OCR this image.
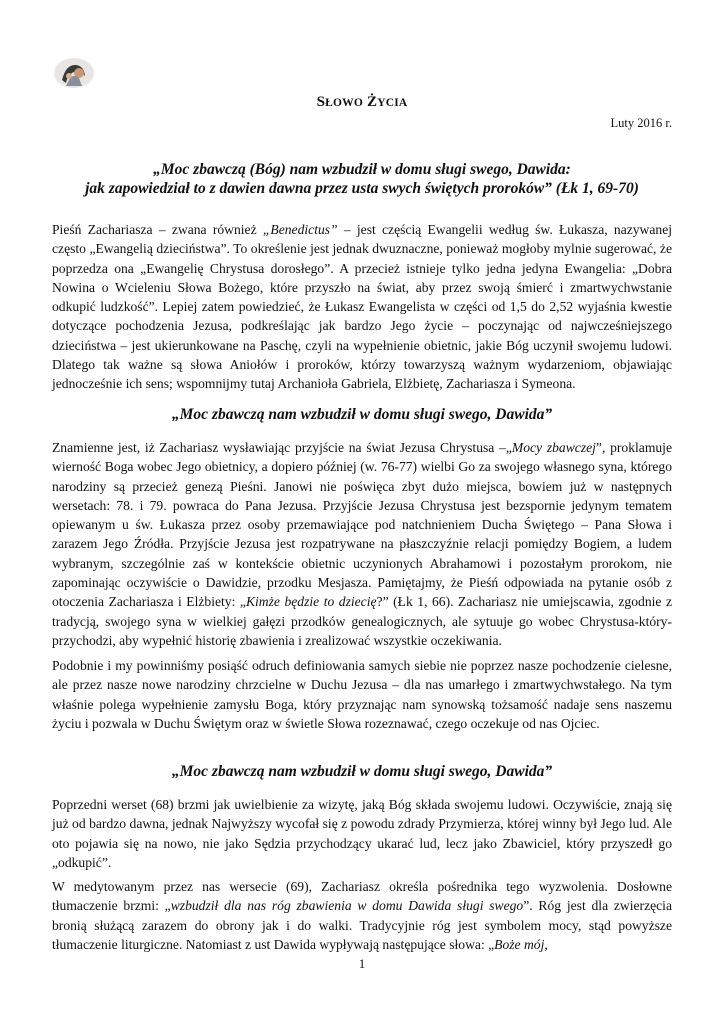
SŁOWO ŻYCIA
Luty 2016 r.
„Moc zbawczą (Bóg) nam wzbudził w domu sługi swego, Dawida:
jak zapowiedział to z dawien dawna przez usta swych świętych proroków” (Łk 1, 69-70)

Pieśń Zachariasza – zwana również „Benedictus” – jest częścią Ewangelii według św. Łukasza, nazywanej często „Ewangelią dzieciństwa”. To określenie jest jednak dwuznaczne, ponieważ mogłoby mylnie sugerować, że poprzedza ona „Ewangelię Chrystusa dorosłego”. A przecież istnieje tylko jedna jedyna Ewangelia: „Dobra Nowina o Wcieleniu Słowa Bożego, które przyszło na świat, aby przez swoją śmierć i zmartwychwstanie odkupić ludzkość”. Lepiej zatem powiedzieć, że Łukasz Ewangelista w części od 1,5 do 2,52 wyjaśnia kwestie dotyczące pochodzenia Jezusa, podkreślając jak bardzo Jego życie – poczynając od najwcześniejszego dzieciństwa – jest ukierunkowane na Paschę, czyli na wypełnienie obietnic, jakie Bóg uczynił swojemu ludowi. Dlatego tak ważne są słowa Aniołów i proroków, którzy towarzyszą ważnym wydarzeniom, objawiając jednocześnie ich sens; wspomnijmy tutaj Archanioła Gabriela, Elżbietę, Zachariasza i Symeona.

„Moc zbawczą nam wzbudził w domu sługi swego, Dawida”

Znamienne jest, iż Zachariasz wysławiając przyjście na świat Jezusa Chrystusa –„Mocy zbawczej”, proklamuje wierność Boga wobec Jego obietnicy, a dopiero później (w. 76-77) wielbi Go za swojego własnego syna, którego narodziny są przecież genezą Pieśni. Janowi nie poświęca zbyt dużo miejsca, bowiem już w następnych wersetach: 78. i 79. powraca do Pana Jezusa. Przyjście Jezusa Chrystusa jest bezspornie jedynym tematem opiewanym u św. Łukasza przez osoby przemawiające pod natchnieniem Ducha Świętego – Pana Słowa i zarazem Jego Źródła. Przyjście Jezusa jest rozpatrywane na płaszczyźnie relacji pomiędzy Bogiem, a ludem wybranym, szczególnie zaś w kontekście obietnic uczynionych Abrahamowi i pozostałym prorokom, nie zapominając oczywiście o Dawidzie, przodku Mesjasza. Pamiętajmy, że Pieśń odpowiada na pytanie osób z otoczenia Zachariasza i Elżbiety: „Kimże będzie to dziecię?” (Łk 1, 66). Zachariasz nie umiejscawia, zgodnie z tradycją, swojego syna w wielkiej gałęzi przodków genealogicznych, ale sytuuje go wobec Chrystusa-który-przychodzi, aby wypełnić historię zbawienia i zrealizować wszystkie oczekiwania.

Podobnie i my powinniśmy posiąść odruch definiowania samych siebie nie poprzez nasze pochodzenie cielesne, ale przez nasze nowe narodziny chrzcielne w Duchu Jezusa – dla nas umarłego i zmartwychwstałego. Na tym właśnie polega wypełnienie zamysłu Boga, który przyznając nam synowską tożsamość nadaje sens naszemu życiu i pozwala w Duchu Świętym oraz w świetle Słowa rozeznawać, czego oczekuje od nas Ojciec.

„Moc zbawczą nam wzbudził w domu sługi swego, Dawida”

Poprzedni werset (68) brzmi jak uwielbienie za wizytę, jaką Bóg składa swojemu ludowi. Oczywiście, znają się już od bardzo dawna, jednak Najwyższy wycofał się z powodu zdrady Przymierza, której winny był Jego lud. Ale oto pojawia się na nowo, nie jako Sędzia przychodzący ukarać lud, lecz jako Zbawiciel, który przyszedł go „odkupić”.

W medytowanym przez nas wersecie (69), Zachariasz określa pośrednika tego wyzwolenia. Dosłowne tłumaczenie brzmi: „wzbudził dla nas róg zbawienia w domu Dawida sługi swego”. Róg jest dla zwierzęcia bronią służącą zarazem do obrony jak i do walki. Tradycyjnie róg jest symbolem mocy, stąd powyższe tłumaczenie liturgiczne. Natomiast z ust Dawida wypływają następujące słowa: „Boże mój,

1
